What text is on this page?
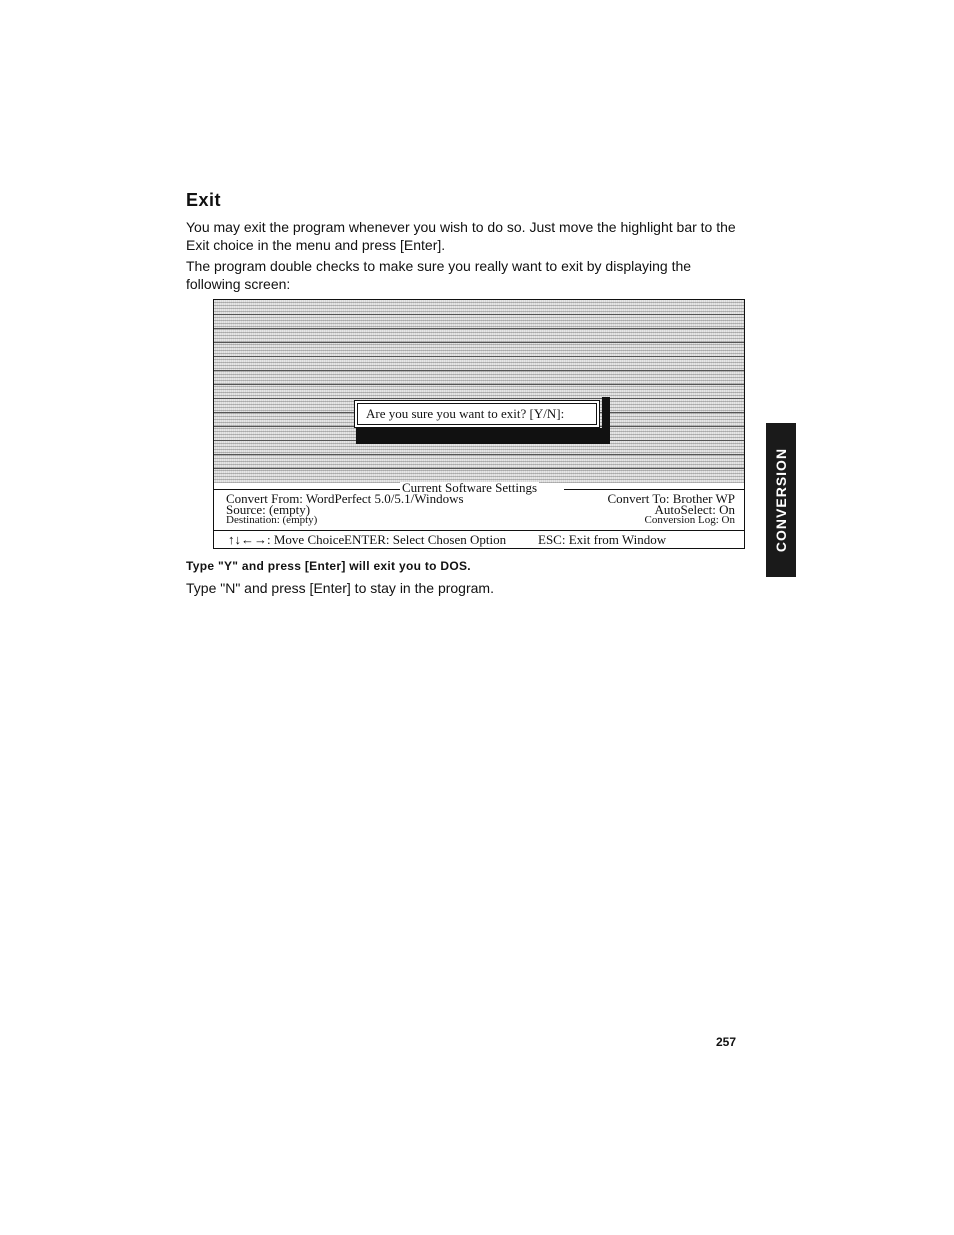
Exit
You may exit the program whenever you wish to do so. Just move the highlight bar to the Exit choice in the menu and press [Enter].
The program double checks to make sure you really want to exit by displaying the following screen:
Are you sure you want to exit? [Y/N]:
Current Software Settings
Convert From: WordPerfect 5.0/5.1/Windows
Source: (empty)
Destination: (empty)
Convert To: Brother WP
AutoSelect: On
Conversion Log: On
↑↓←→: Move Choice ENTER: Select Chosen Option ESC: Exit from Window
Type "Y" and press [Enter] will exit you to DOS.
Type "N" and press [Enter] to stay in the program.
CONVERSION
257
